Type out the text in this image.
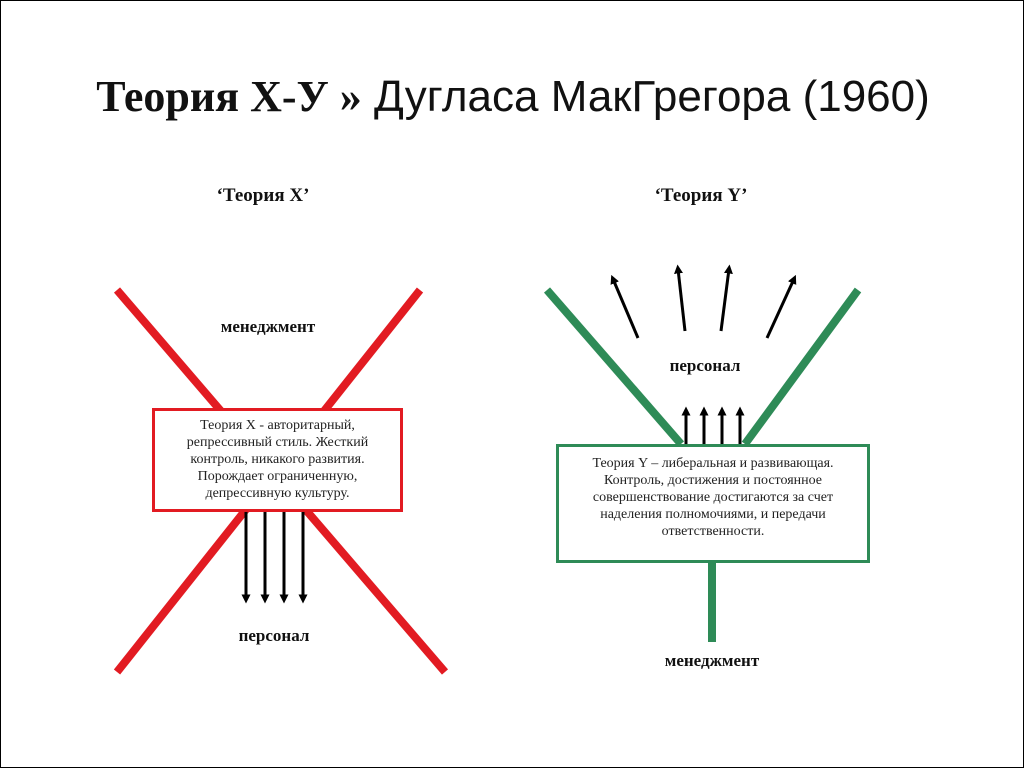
Теория Х-У » Дугласа МакГрегора (1960)
‘Теория X’	‘Теория Y’
менеджмент
персонал
персонал
менеджмент
Теория X - авторитарный, репрессивный стиль. Жесткий контроль, никакого развития. Порождает ограниченную, депрессивную культуру.
Теория Y – либеральная и развивающая. Контроль, достижения и постоянное совершенствование достигаются за счет наделения полномочиями, и передачи ответственности.
